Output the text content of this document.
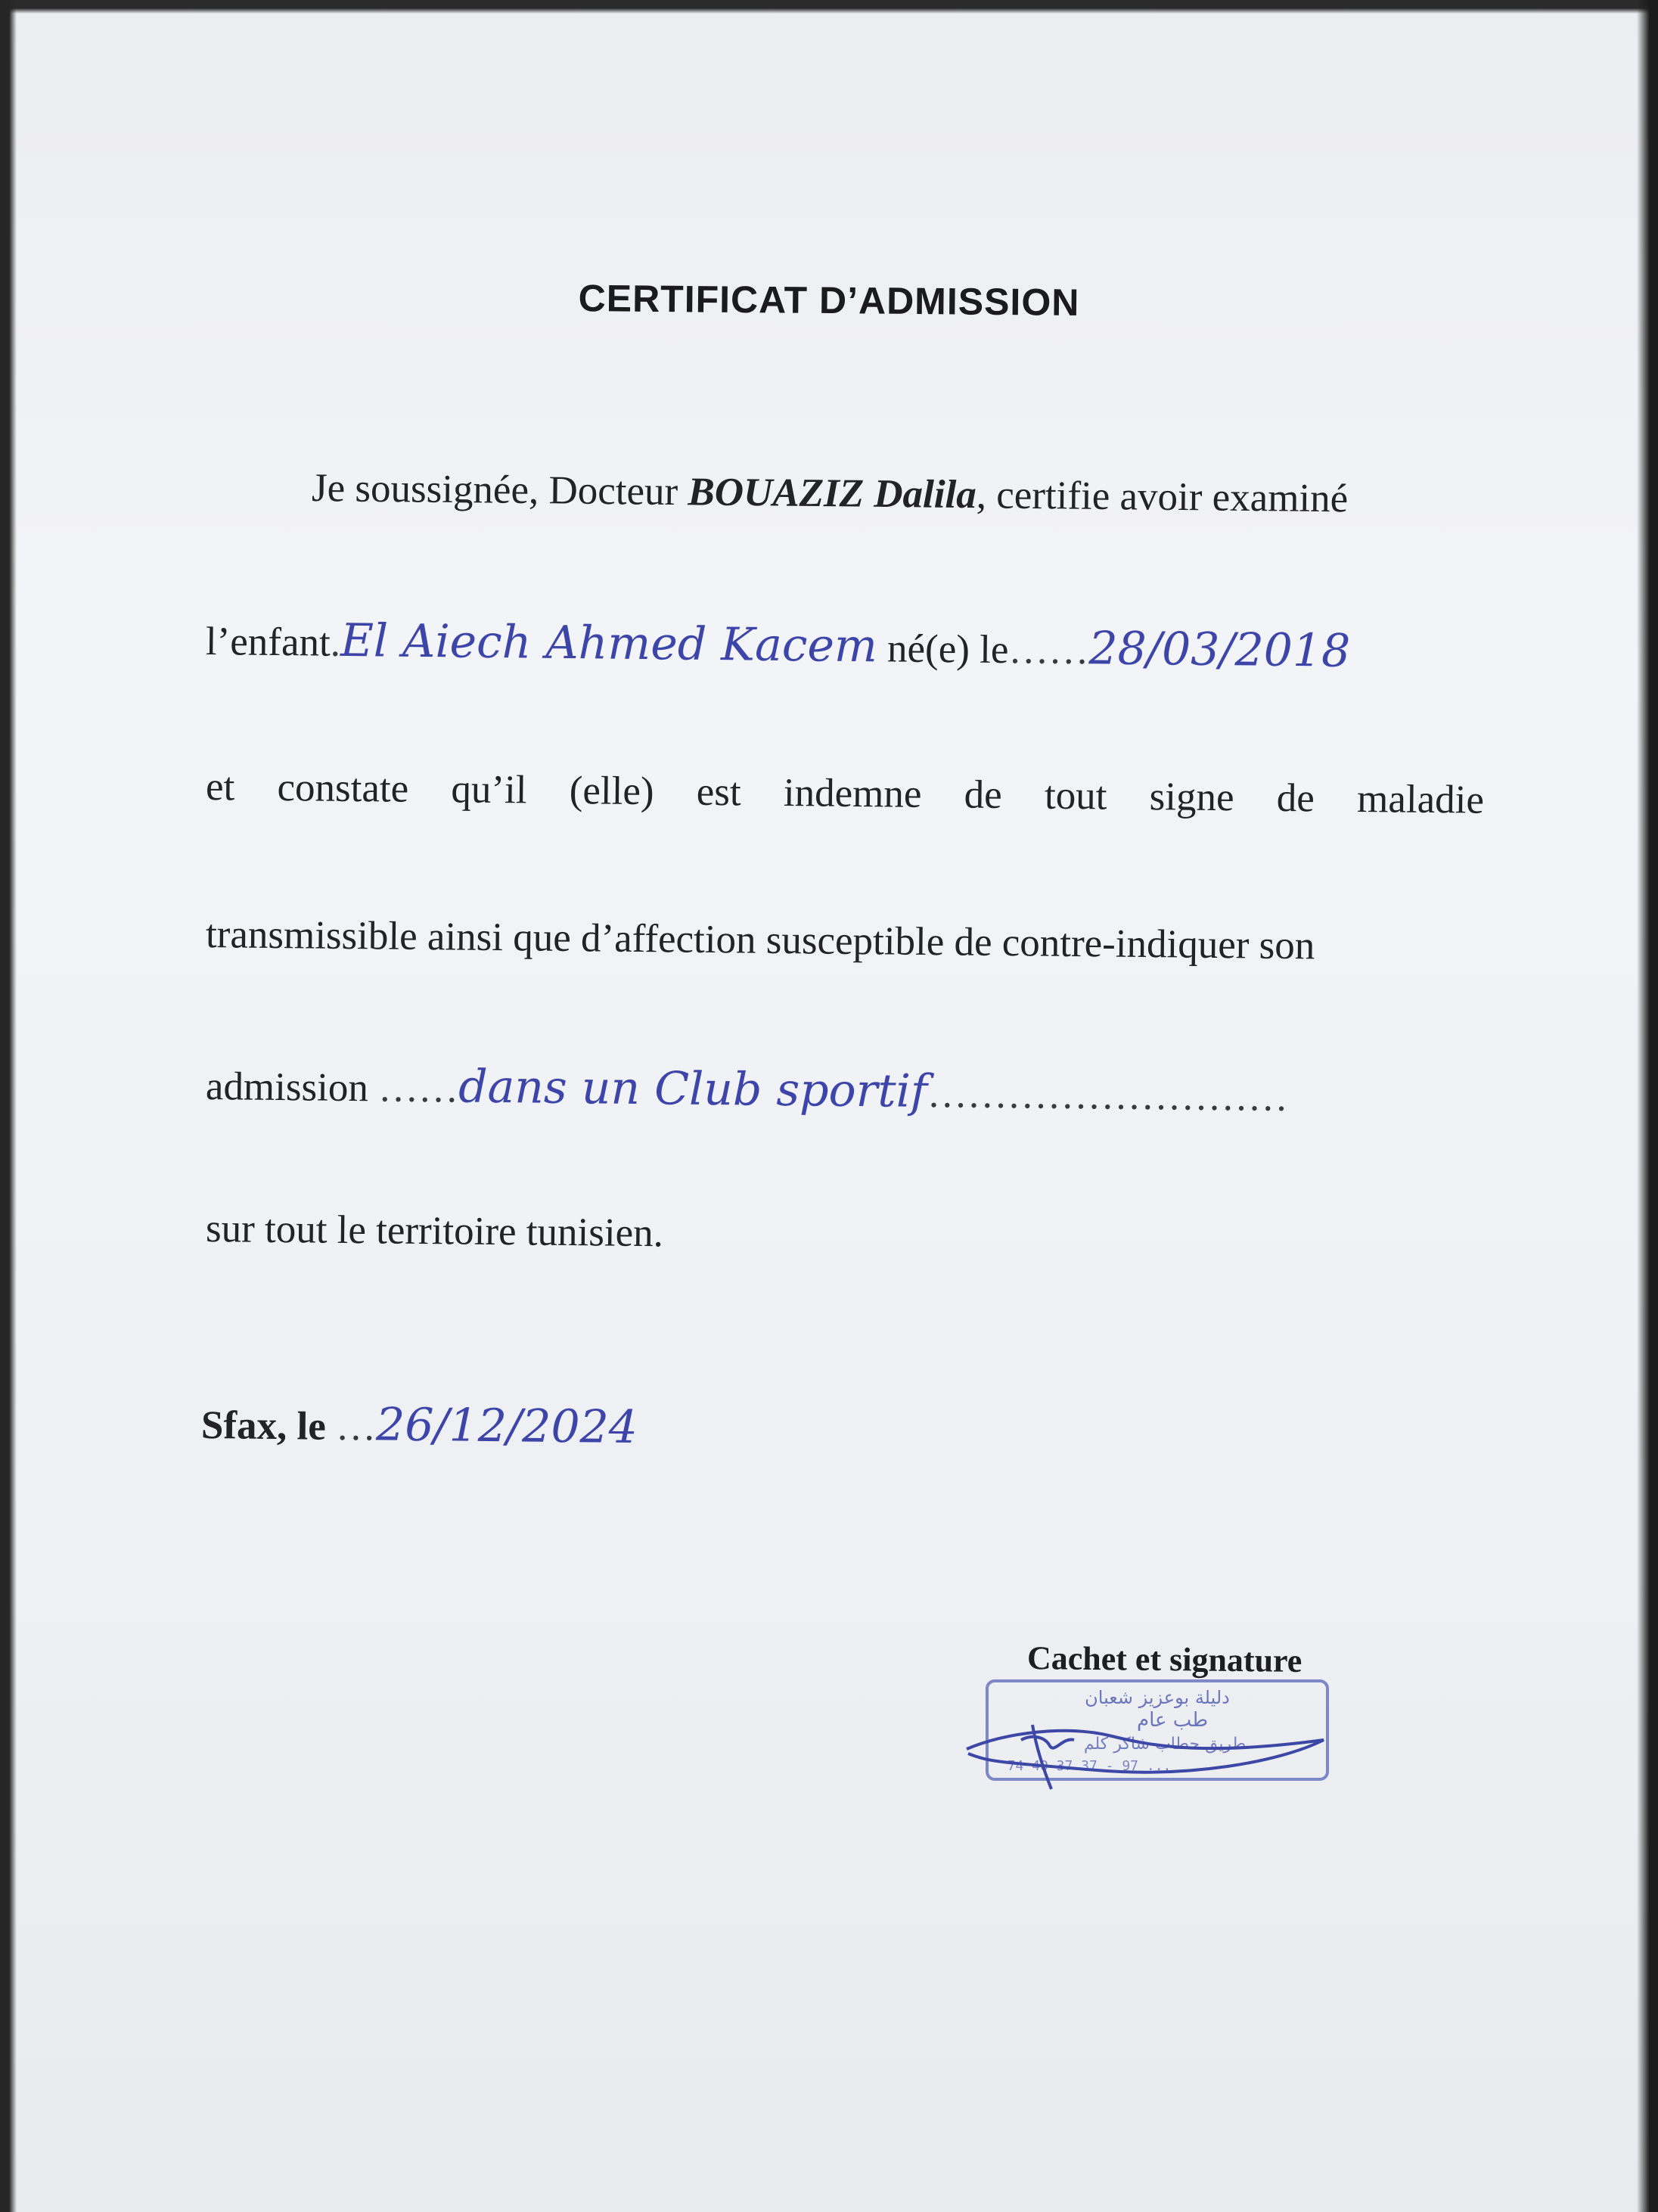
CERTIFICAT D’ADMISSION
Je soussignée, Docteur BOUAZIZ Dalila, certifie avoir examiné
l’enfant.El Aiech Ahmed Kacem né(e) le……28/03/2018
et constate qu’il (elle) est indemne de tout signe de maladie
transmissible ainsi que d’affection susceptible de contre-indiquer son
admission ……dans un Club sportif………………………
sur tout le territoire tunisien.
Sfax, le …26/12/2024
Cachet et signature
دليلة بوعزيز شعبان
طب عام
طريق حطاب شاكر كلم
74 40 37 37 - 97 ...
